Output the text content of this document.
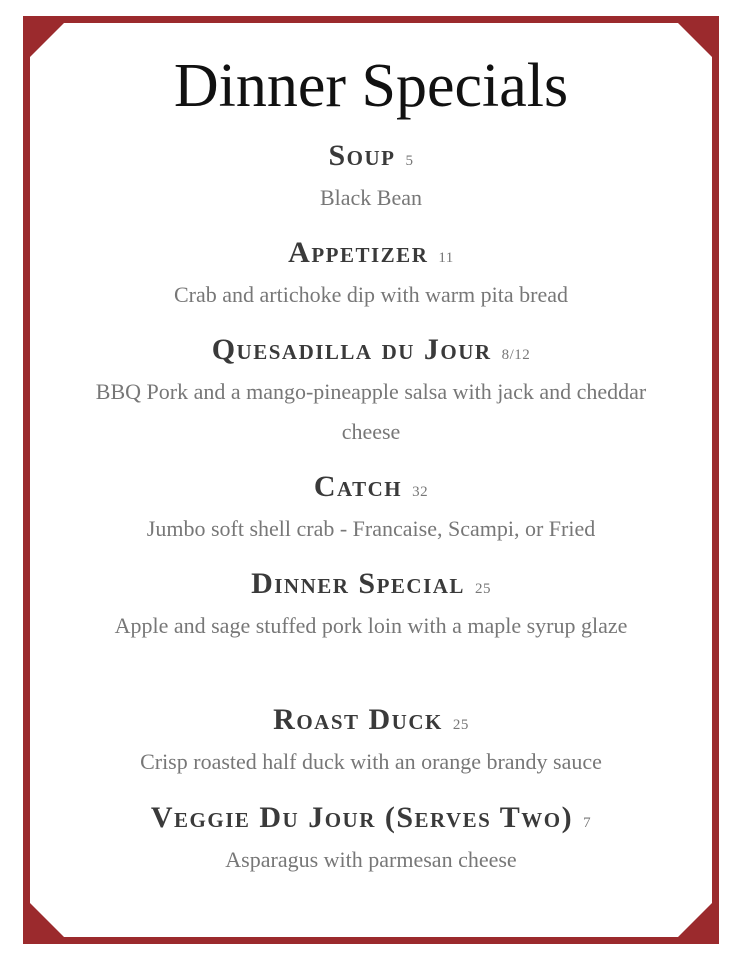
Dinner Specials
Soup 5
Black Bean
Appetizer 11
Crab and artichoke dip with warm pita bread
Quesadilla du Jour 8/12
BBQ Pork and a mango-pineapple salsa with jack and cheddar cheese
Catch 32
Jumbo soft shell crab - Francaise, Scampi, or Fried
Dinner Special 25
Apple and sage stuffed pork loin with a maple syrup glaze
Roast Duck 25
Crisp roasted half duck with an orange brandy sauce
Veggie Du Jour (Serves Two) 7
Asparagus with parmesan cheese
